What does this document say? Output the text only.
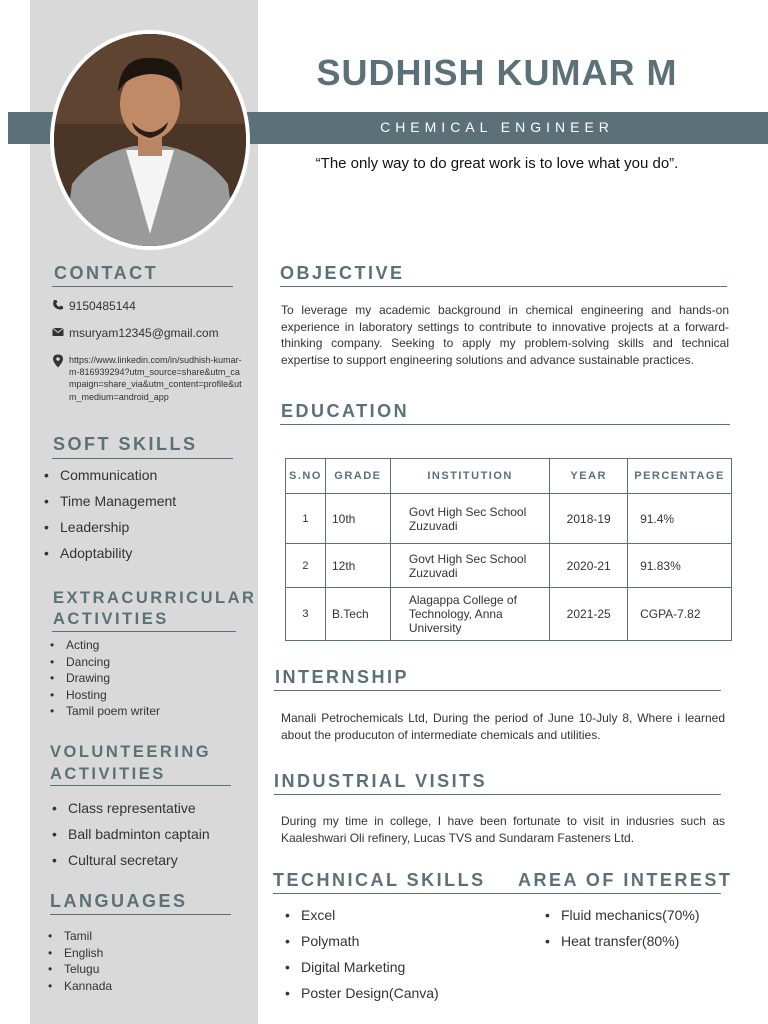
SUDHISH KUMAR M
CHEMICAL ENGINEER
“The only way to do great work is to love what you do”.
CONTACT
9150485144
msuryam12345@gmail.com
https://www.linkedin.com/in/sudhish-kumar-m-816939294?utm_source=share&utm_campaign=share_via&utm_content=profile&utm_medium=android_app
SOFT SKILLS
• Communication
• Time Management
• Leadership
• Adoptability
EXTRACURRICULAR
ACTIVITIES
• Acting
• Dancing
• Drawing
• Hosting
• Tamil poem writer
VOLUNTEERING
ACTIVITIES
• Class representative
• Ball badminton captain
• Cultural secretary
LANGUAGES
• Tamil
• English
• Telugu
• Kannada
OBJECTIVE

To leverage my academic background in chemical engineering and hands-on experience in laboratory settings to contribute to innovative projects at a forward-thinking company. Seeking to apply my problem-solving skills and technical expertise to support engineering solutions and advance sustainable practices.

EDUCATION
S.NO	GRADE	INSTITUTION	YEAR	PERCENTAGE
1	10th	Govt High Sec School Zuzuvadi	2018-19	91.4%
2	12th	Govt High Sec School Zuzuvadi	2020-21	91.83%
3	B.Tech	Alagappa College of Technology, Anna University	2021-25	CGPA-7.82
INTERNSHIP

Manali Petrochemicals Ltd, During the period of June 10-July 8, Where i learned about the producuton of intermediate chemicals and utilities.

INDUSTRIAL VISITS

During my time in college, I have been fortunate to visit in indusries such as Kaaleshwari Oli refinery, Lucas TVS and Sundaram Fasteners Ltd.

TECHNICAL SKILLS
• Excel
• Polymath
• Digital Marketing
• Poster Design(Canva)
AREA OF INTEREST
• Fluid mechanics(70%)
• Heat transfer(80%)
